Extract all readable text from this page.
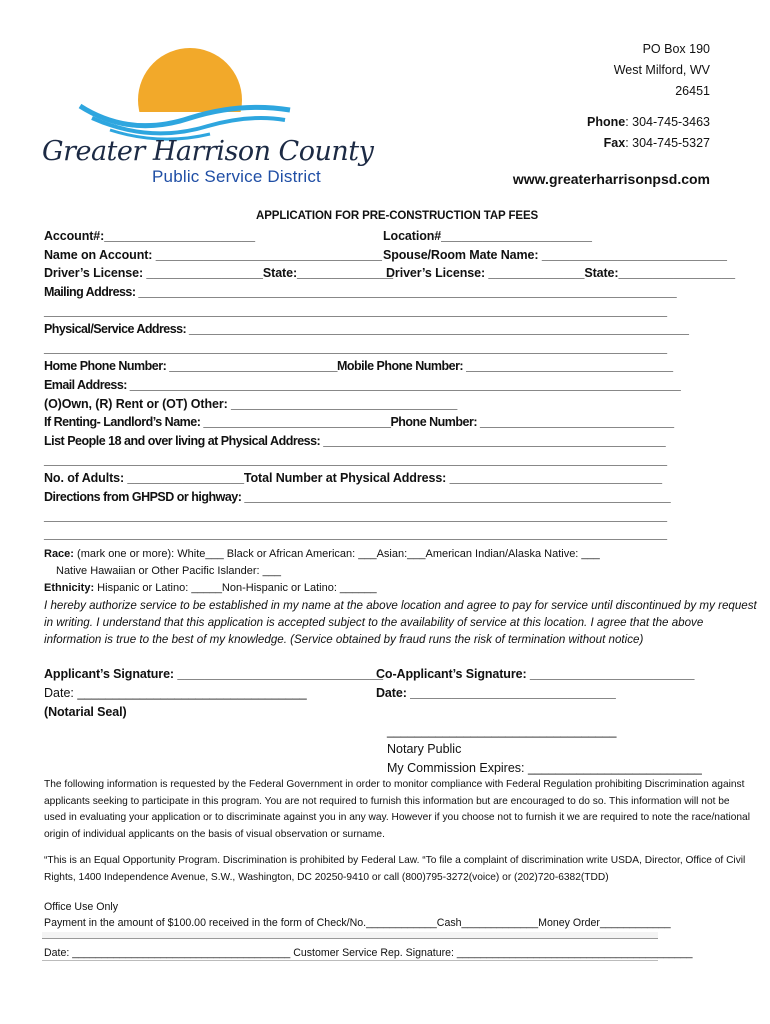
Greater Harrison County
Public Service District
PO Box 190
West Milford, WV
26451
Phone: 304-745-3463
Fax: 304-745-5327
www.greaterharrisonpsd.com
APPLICATION FOR PRE-CONSTRUCTION TAP FEES
Account#:______________________	Location#______________________
Name on Account: _________________________________ Spouse/Room Mate Name: ___________________________
Driver’s License: _________________State:______________
Driver’s License: ______________State:_________________
Mailing Address: ____________________________________________________________________________________
__________________________________________________________________________________________________
Physical/Service Address: ______________________________________________________________________________
__________________________________________________________________________________________________
Home Phone Number: __________________________Mobile Phone Number: ________________________________
Email Address: ______________________________________________________________________________________
(O)Own, (R) Rent or (OT) Other: _________________________________
If Renting- Landlord’s Name: _____________________________Phone Number: ______________________________
List People 18 and over living at Physical Address: _____________________________________________________
__________________________________________________________________________________________________
No. of Adults: _________________Total Number at Physical Address: _______________________________
Directions from GHPSD or highway: __________________________________________________________________
__________________________________________________________________________________________________
__________________________________________________________________________________________________
Race: (mark one or more): White___ Black or African American: ___Asian:___American Indian/Alaska Native: ___
Native Hawaiian or Other Pacific Islander: ___
Ethnicity: Hispanic or Latino: _____Non-Hispanic or Latino: ______
I hereby authorize service to be established in my name at the above location and agree to pay for service until discontinued by my request
in writing. I understand that this application is accepted subject to the availability of service at this location. I agree that the above
information is true to the best of my knowledge. (Service obtained by fraud runs the risk of termination without notice)
Applicant’s Signature: ______________________________
Co-Applicant’s Signature: ________________________
Date: _________________________________	Date: ______________________________
(Notarial Seal)
_________________________________
Notary Public
My Commission Expires: _________________________
The following information is requested by the Federal Government in order to monitor compliance with Federal Regulation prohibiting Discrimination against applicants seeking to participate in this program. You are not required to furnish this information but are encouraged to do so. This information will not be used in evaluating your application or to discriminate against you in any way. However if you choose not to furnish it we are required to note the race/national origin of individual applicants on the basis of visual observation or surname.
“This is an Equal Opportunity Program. Discrimination is prohibited by Federal Law. “To file a complaint of discrimination write USDA, Director, Office of Civil Rights, 1400 Independence Avenue, S.W., Washington, DC 20250-9410 or call (800)795-3272(voice) or (202)720-6382(TDD)
Office Use Only
Payment in the amount of $100.00 received in the form of Check/No.____________Cash_____________Money Order____________
Date: _____________________________________ Customer Service Rep. Signature: ________________________________________
